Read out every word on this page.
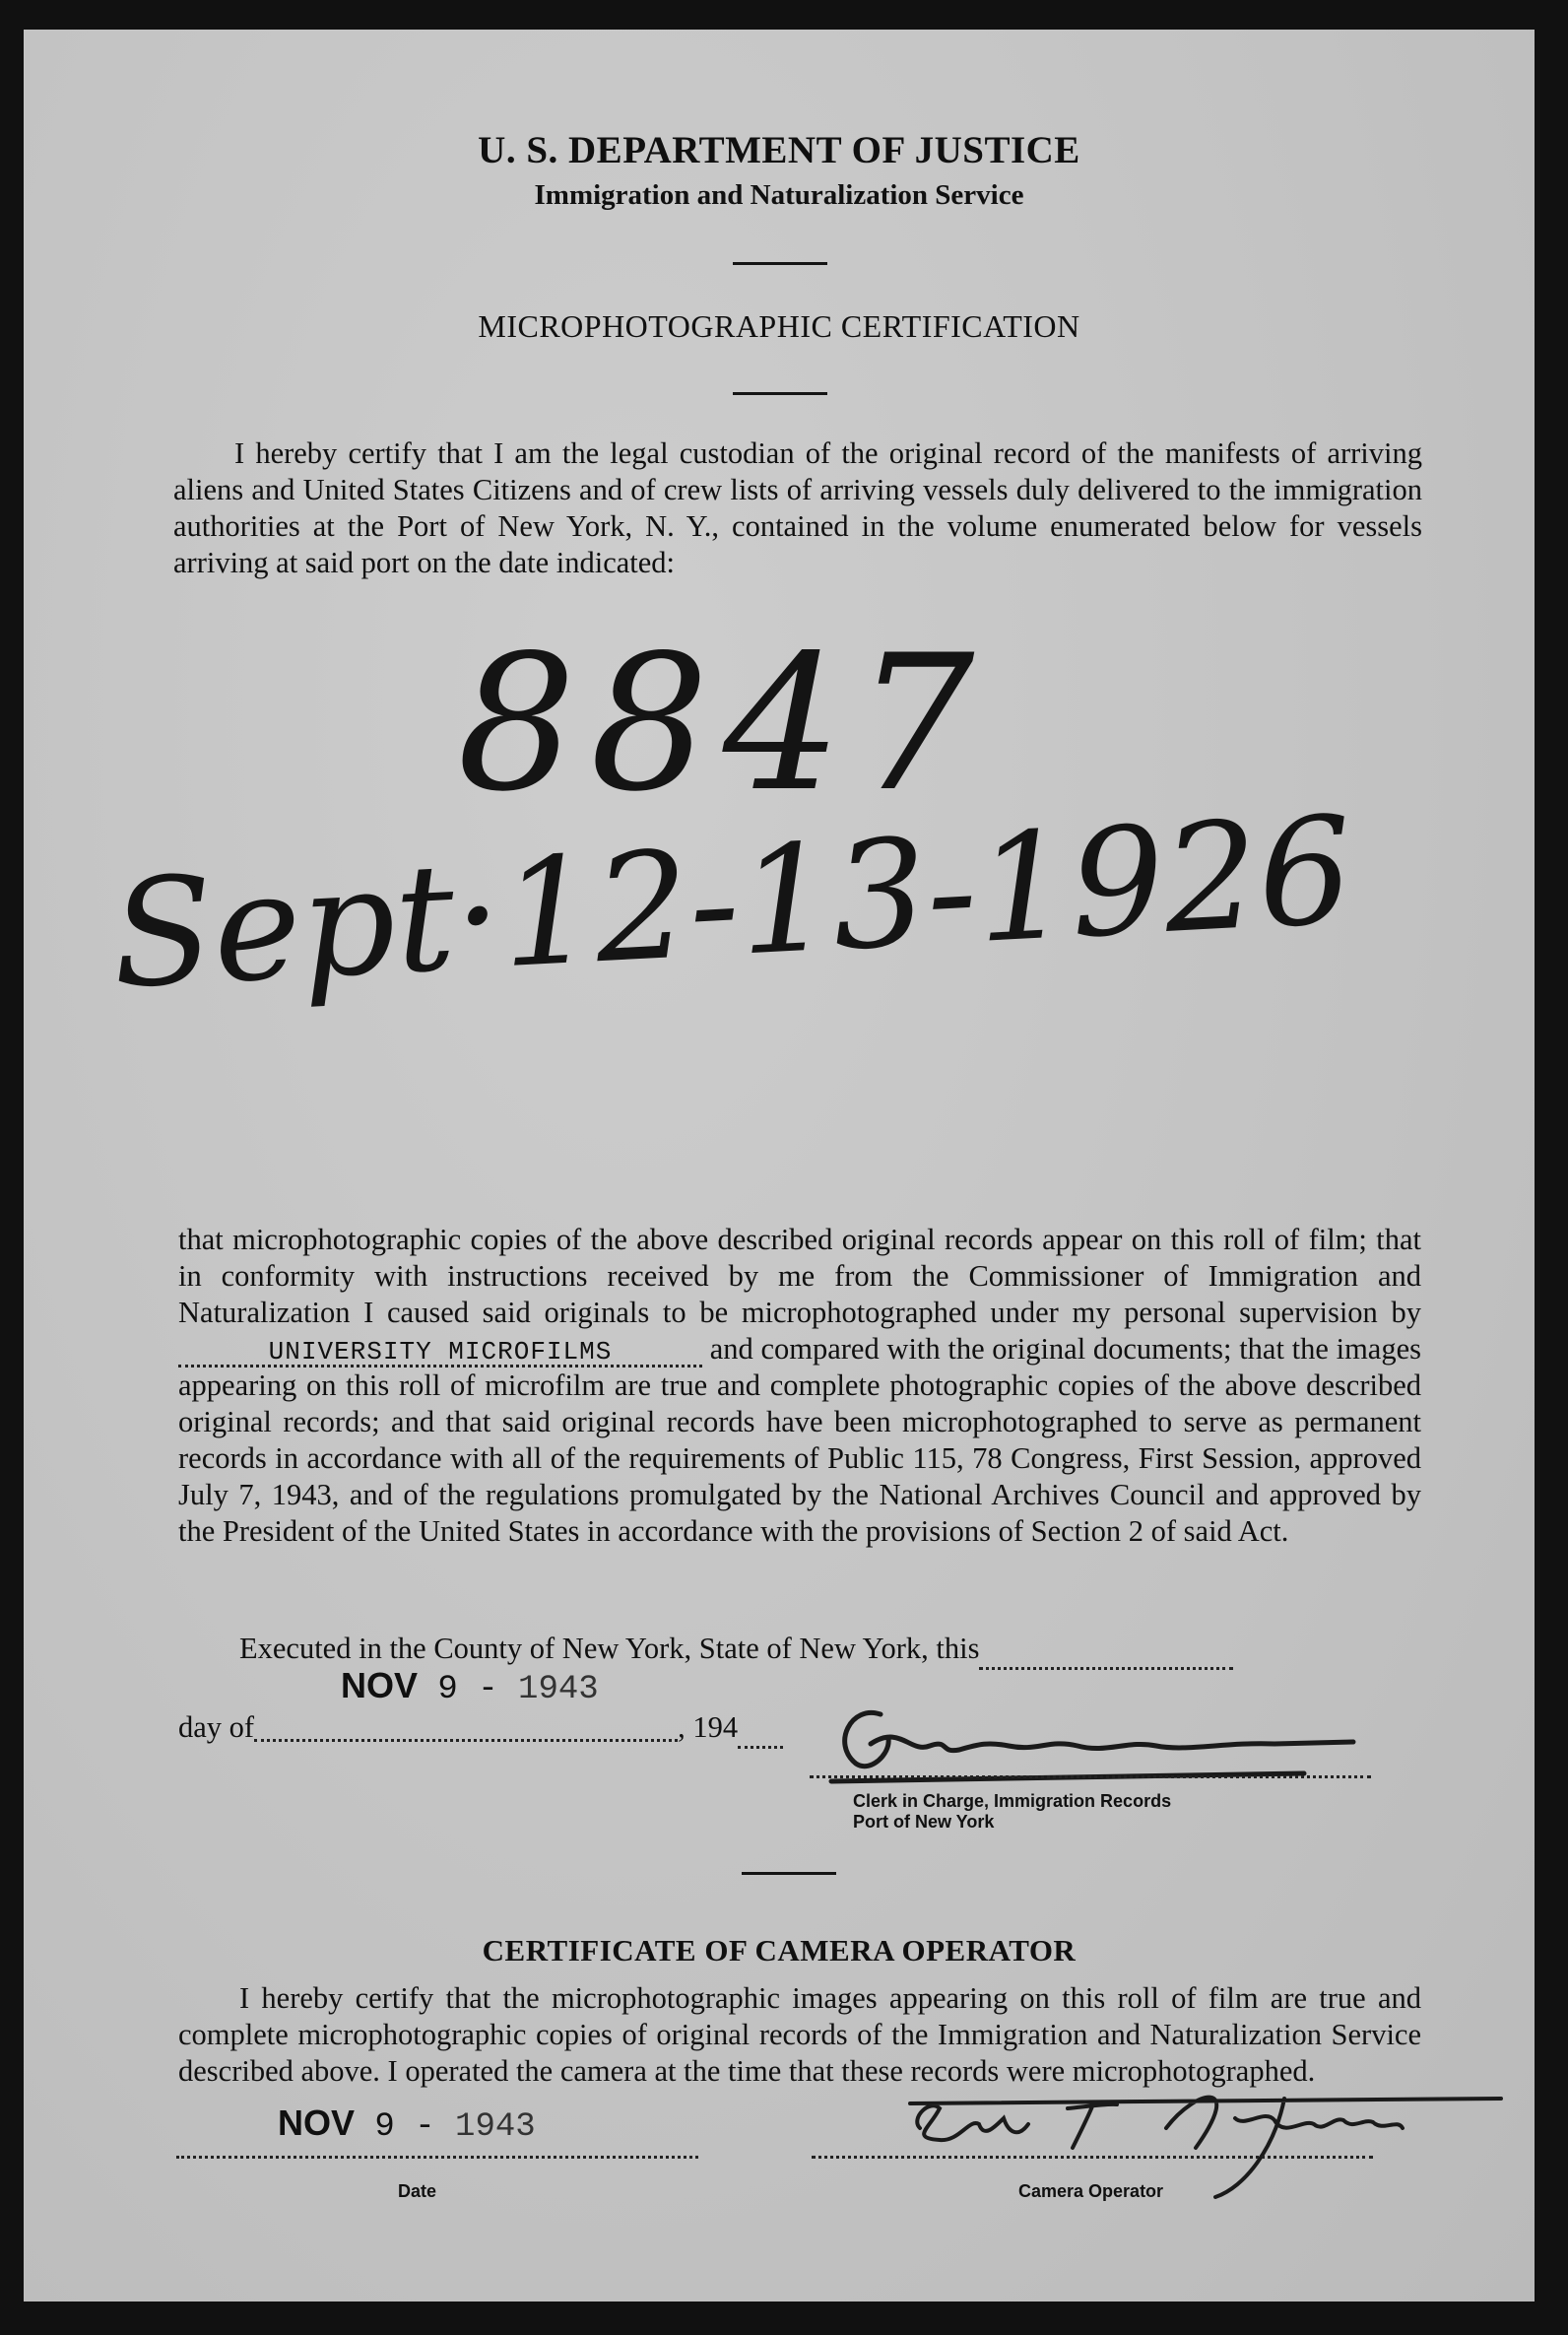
U. S. DEPARTMENT OF JUSTICE
Immigration and Naturalization Service
MICROPHOTOGRAPHIC CERTIFICATION

I hereby certify that I am the legal custodian of the original record of the manifests of arriving aliens and United States Citizens and of crew lists of arriving vessels duly delivered to the immigration authorities at the Port of New York, N. Y., contained in the volume enumerated below for vessels arriving at said port on the date indicated:

8847
Sept·12-13-1926
that microphotographic copies of the above described original records appear on this roll of film; that in conformity with instructions received by me from the Commissioner of Immigration and Naturalization I caused said originals to be microphotographed under my personal supervision by UNIVERSITY MICROFILMS	and compared with the original documents; that the images appearing on this roll of microfilm are true and complete photographic copies of the above described original records; and that said original records have been microphotographed to serve as permanent records in accordance with all of the requirements of Public 115, 78 Congress, First Session, approved July 7, 1943, and of the regulations promulgated by the National Archives Council and approved by the President of the United States in accordance with the provisions of Section 2 of said Act.
Executed in the County of New York, State of New York, this
day of	, 194
NOV 9 - 1943
Clerk in Charge, Immigration Records
Port of New York
CERTIFICATE OF CAMERA OPERATOR

I hereby certify that the microphotographic images appearing on this roll of film are true and complete microphotographic copies of original records of the Immigration and Naturalization Service described above. I operated the camera at the time that these records were microphotographed.

NOV 9 - 1943
Date	Camera Operator
